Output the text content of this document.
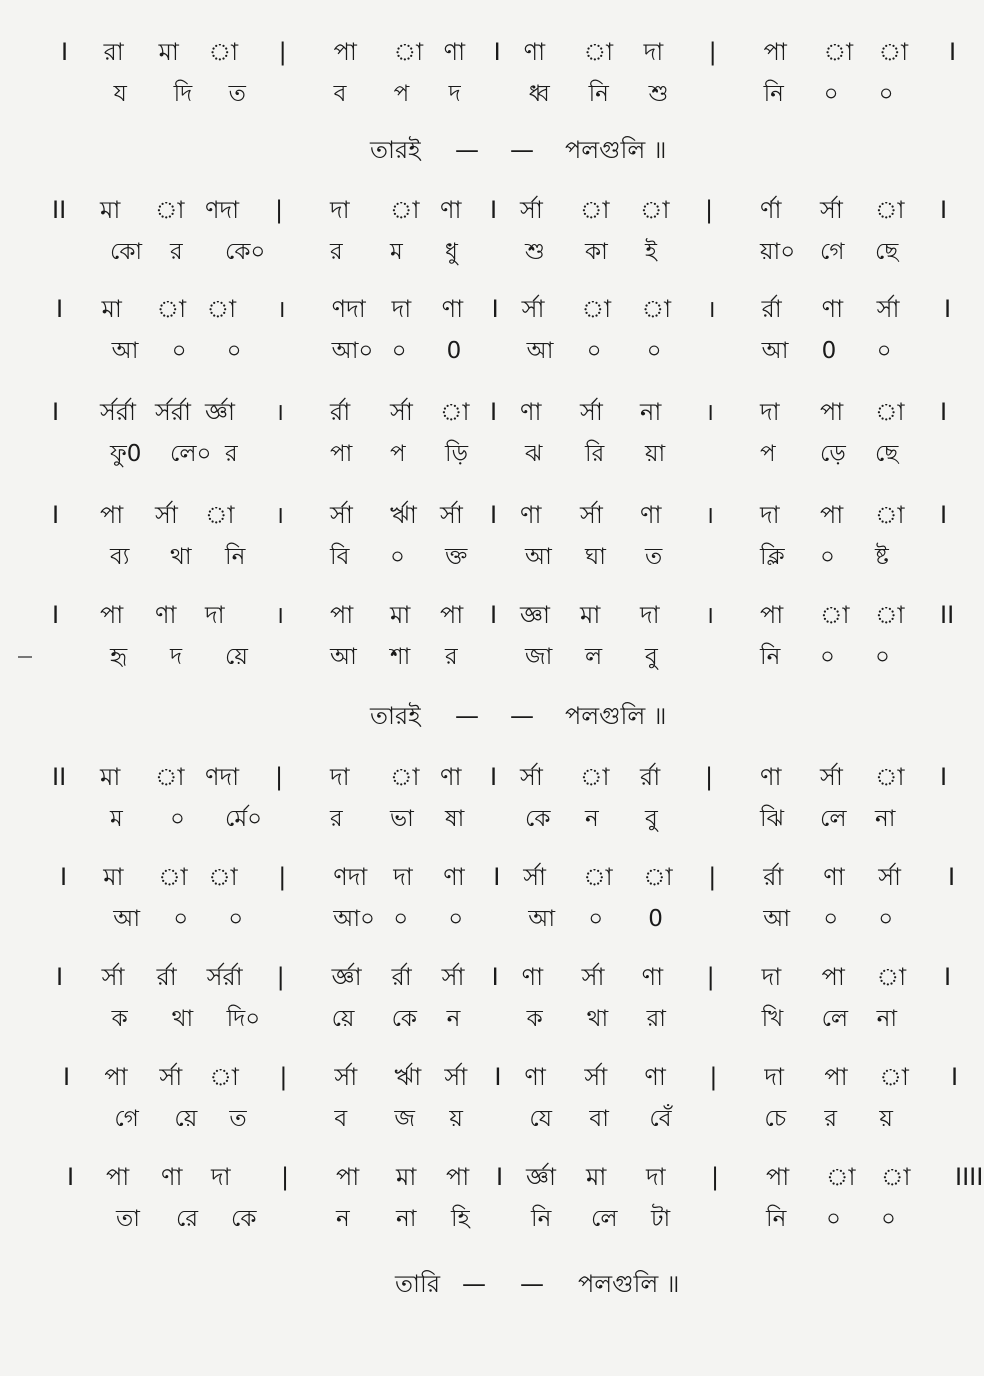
I রা মা া | পা া ণা I ণা া দা | পা া া I
য দি ত	ব প দ	ধ্ব নি শু	নি ০ ০
তারই — — পলগুলি ॥
II মা া ণদা | দা া ণা I র্সা া া | র্ণা র্সা া I
কো র কে০	র ম ধু	শু কা ই	য়া০ গে ছে
I মা া া । ণদা দা ণা I র্সা া া । র্রা ণা র্সা I
আ ০ ০	আ০ ০ 0	আ ০ ০	আ 0 ০
I র্সর্রা র্সর্রা র্জ্ঞা । র্রা র্সা া I ণা র্সা না । দা পা া I
ফু0 লে০ র	পা প ড়ি ঝ রি য়া	প ড়ে ছে
I পা র্সা া । র্সা র্ঋা র্সা I ণা র্সা ণা । দা পা া I
ব্য থা নি	বি ০ ক্ত	আ ঘা ত	ক্লি ০ ষ্ট
I পা ণা দা । পা মা পা I জ্ঞা মা দা । পা া া II
হৃ দ য়ে	আ শা র	জা ল বু	নি ০ ০
তারই — — পলগুলি ॥
II মা া ণদা | দা া ণা I র্সা া র্রা | ণা র্সা া I
ম ০ র্মে০	র ভা ষা	কে ন বু	ঝি লে না
I মা া া | ণদা দা ণা I র্সা া া | র্রা ণা র্সা I
আ ০ ০	আ০ ০ ০	আ ০ 0	আ ০ ০
I র্সা র্রা র্সর্রা | র্জ্ঞা র্রা র্সা I ণা র্সা ণা | দা পা া I
ক থা দি০	য়ে কে ন	ক থা রা	খি লে না
I পা র্সা া | র্সা র্ঋা র্সা I ণা র্সা ণা | দা পা া I
গে য়ে ত	ব জ য়	যে বা বেঁ	চে র য়
I পা ণা দা | পা মা পা I র্জ্ঞা মা দা | পা া া IIII
তা রে কে	ন না হি	নি লে টা	নি ০ ০
তারি — — পলগুলি ॥
